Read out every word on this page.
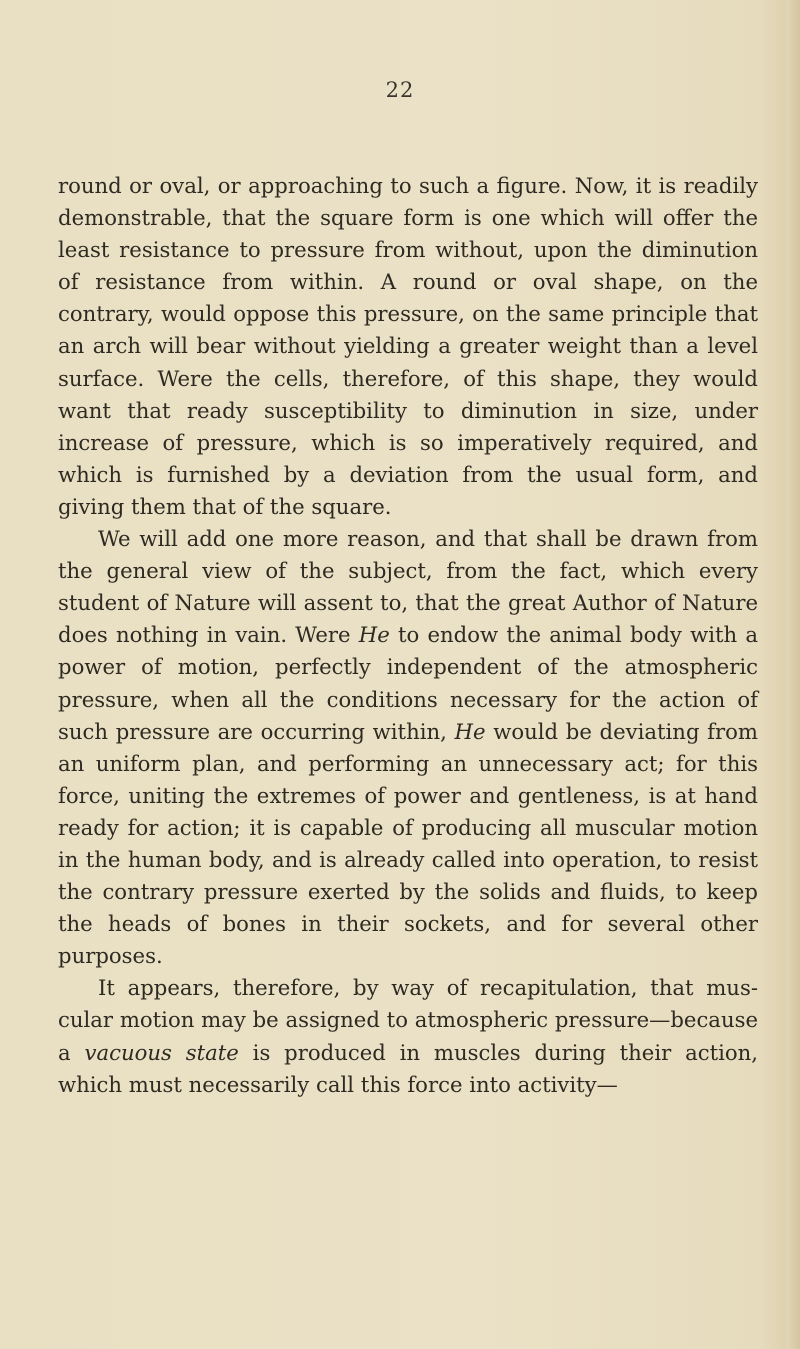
22

round or oval, or approaching to such a figure. Now, it is readily demonstrable, that the square form is one which will offer the least resistance to pressure from without, upon the diminution of resistance from within. A round or oval shape, on the contrary, would oppose this pressure, on the same principle that an arch will bear without yielding a greater weight than a level surface. Were the cells, therefore, of this shape, they would want that ready susceptibility to diminution in size, under increase of pressure, which is so imperatively required, and which is furnished by a deviation from the usual form, and giving them that of the square.

We will add one more reason, and that shall be drawn from the general view of the subject, from the fact, which every student of Nature will assent to, that the great Author of Nature does nothing in vain. Were He to endow the animal body with a power of motion, perfectly independent of the atmospheric pressure, when all the conditions necessary for the action of such pressure are occurring within, He would be deviating from an uniform plan, and performing an unnecessary act; for this force, uniting the extremes of power and gentleness, is at hand ready for action; it is capable of producing all muscular motion in the human body, and is already called into operation, to resist the contrary pressure exerted by the solids and fluids, to keep the heads of bones in their sockets, and for several other purposes.

It appears, therefore, by way of recapitulation, that muscular motion may be assigned to atmospheric pressure—because a vacuous state is produced in muscles during their action, which must necessarily call this force into activity—
